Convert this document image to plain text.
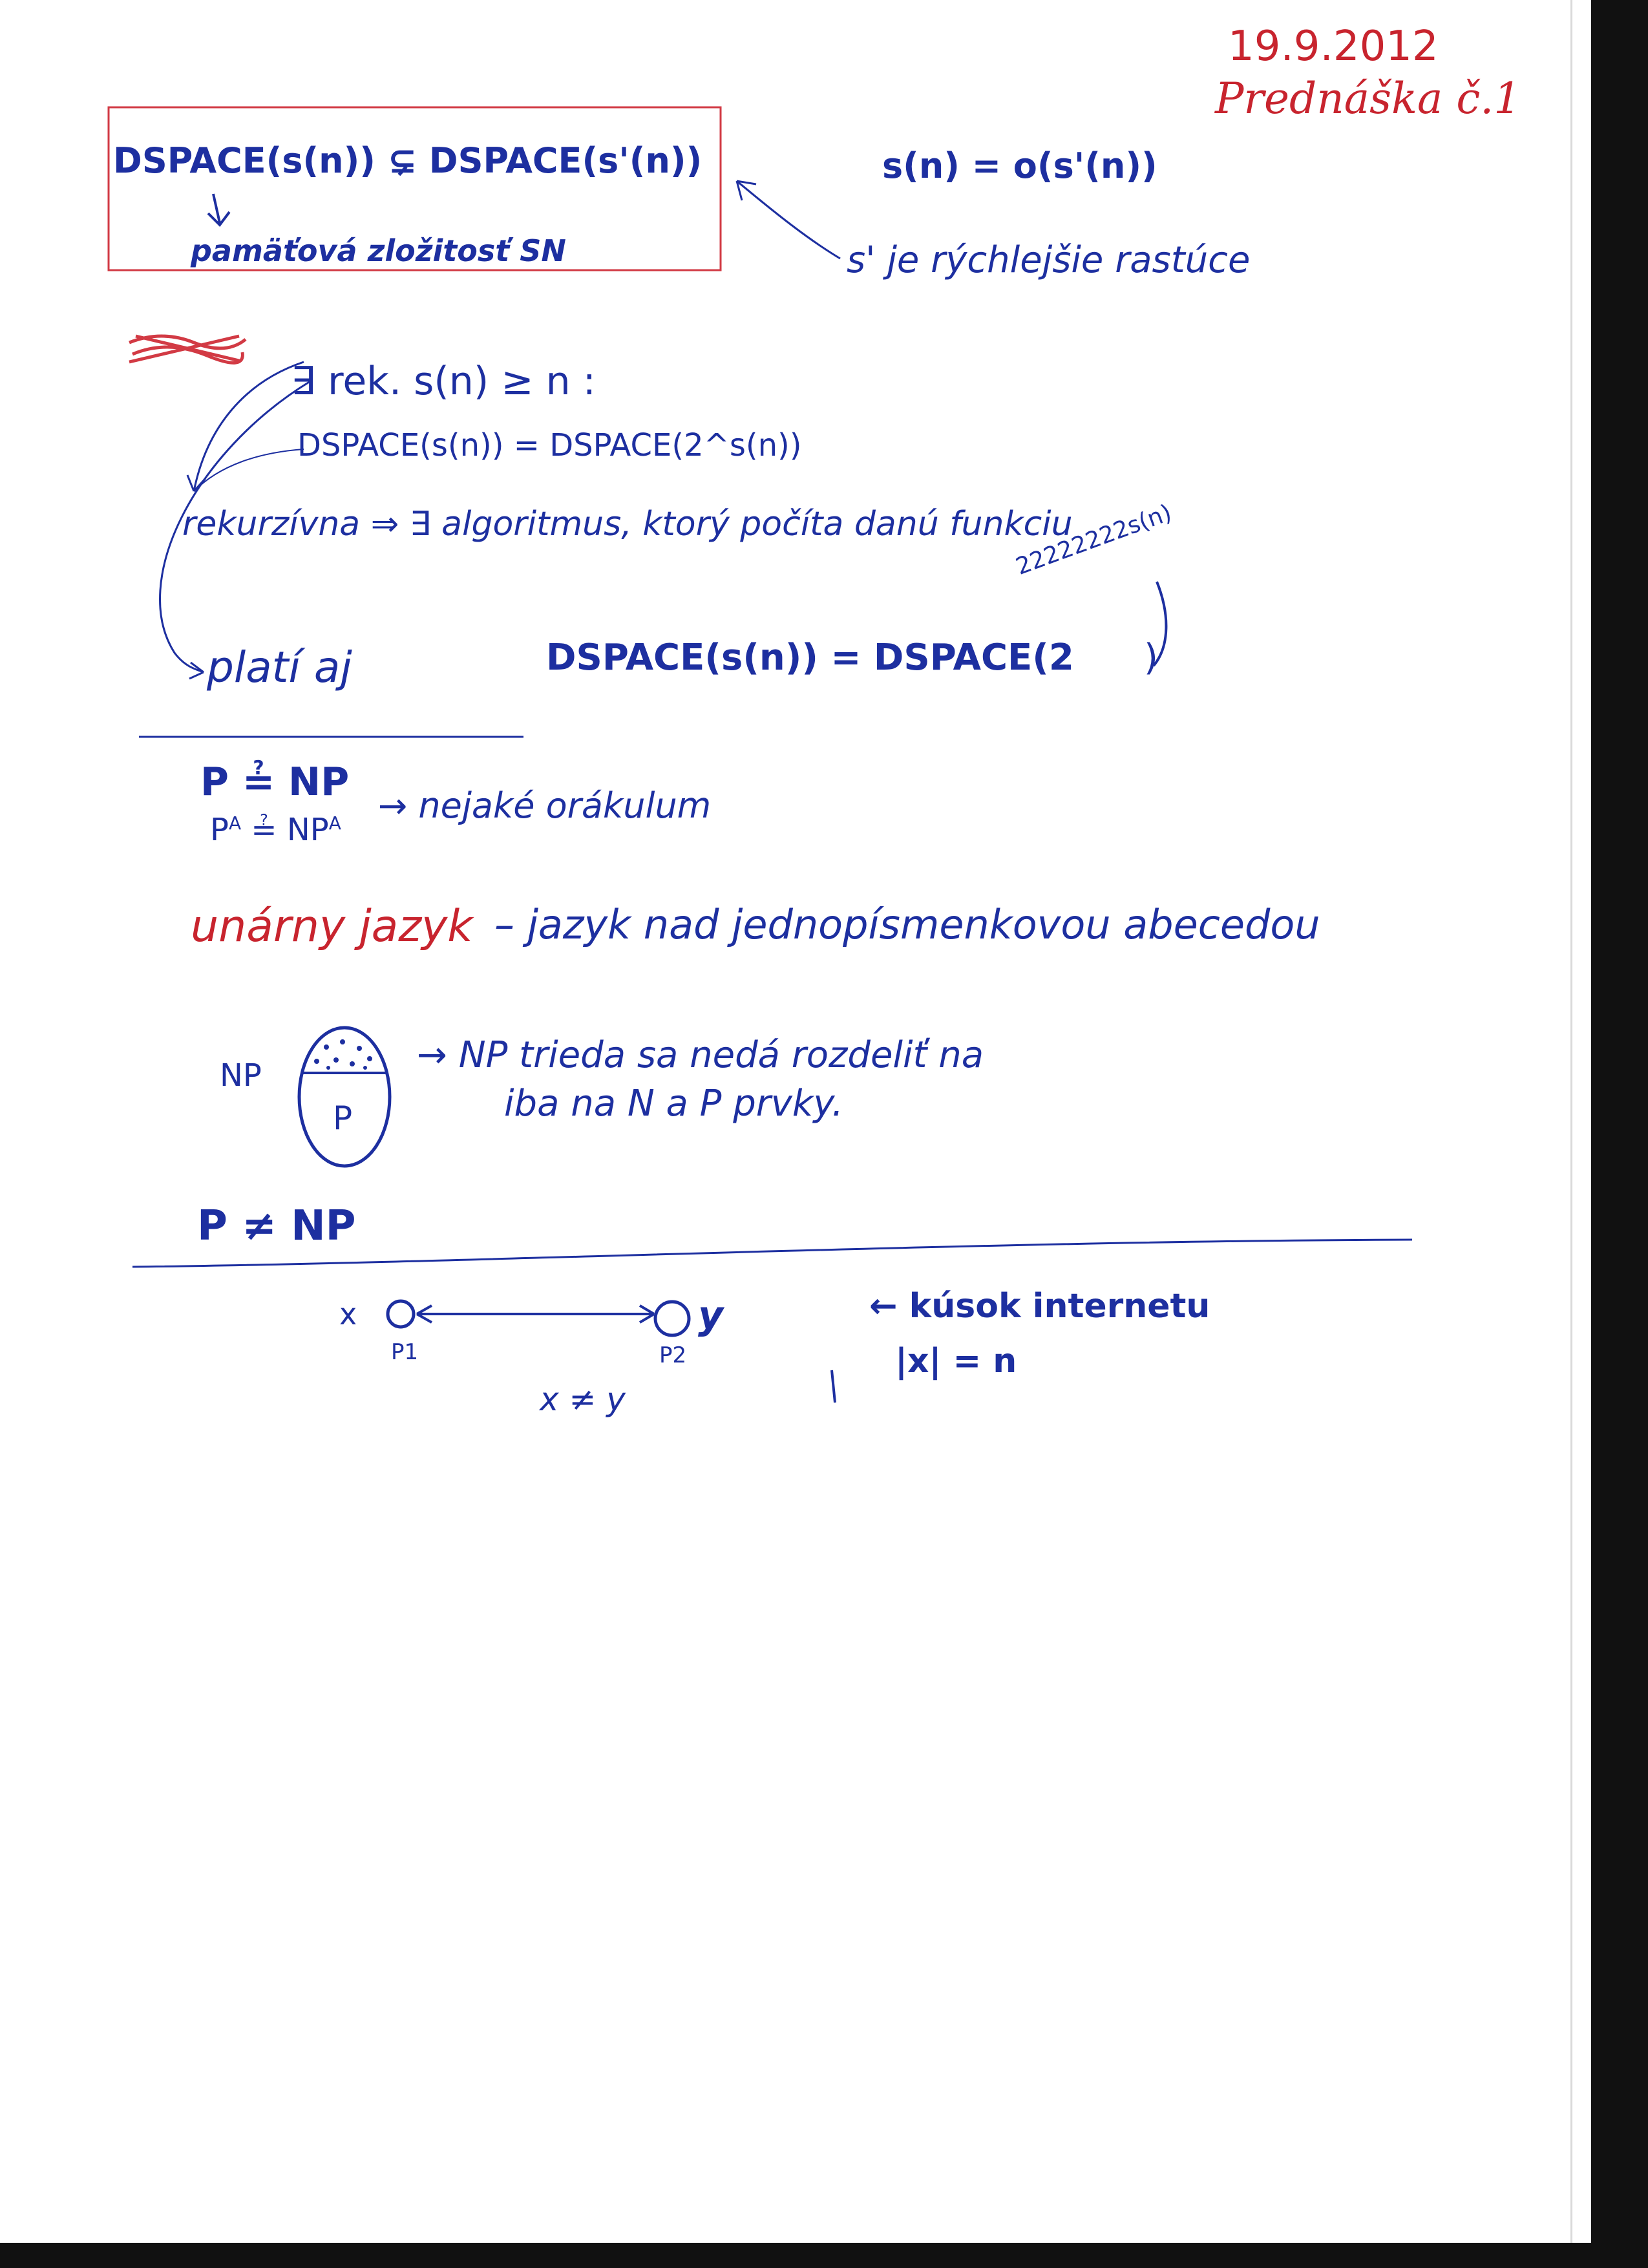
19.9.2012
Prednáška č.1
DSPACE(s(n)) ⊊ DSPACE(s'(n))
pamäťová zložitosť SN
s(n) = o(s'(n))
s' je rýchlejšie rastúce
∃ rek. s(n) ≥ n :
DSPACE(s(n)) = DSPACE(2^s(n))
rekurzívna ⇒ ∃ algoritmus, ktorý počíta danú funkciu
platí aj	DSPACE(s(n)) = DSPACE(2
22222222s(n)
)
P ≟ NP
$P^A$ ≟ $NP^A$ → nejaké orákulum
unárny jazyk – jazyk nad jednopísmenkovou abecedou
NP
P
→ NP trieda sa nedá rozdeliť na
iba na N a P prvky.
P ≠ NP
x	y
P1	P2
x ≠ y
← kúsok internetu
|x| = n
